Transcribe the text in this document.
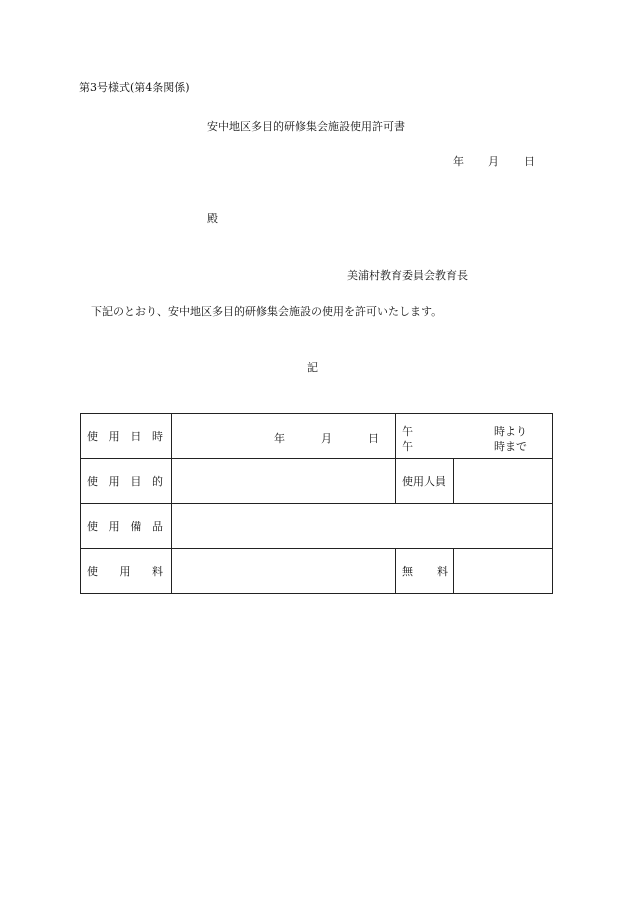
第3号様式(第4条関係)
安中地区多目的研修集会施設使用許可書
年 月 日
殿
美浦村教育委員会教育長
下記のとおり、安中地区多目的研修集会施設の使用を許可いたします。
記
使 用 日 時	年 月 日	午 時より
午 時まで	

使 用 目 的		使用人員	

使 用 備 品			

使 用 料		無 料	
